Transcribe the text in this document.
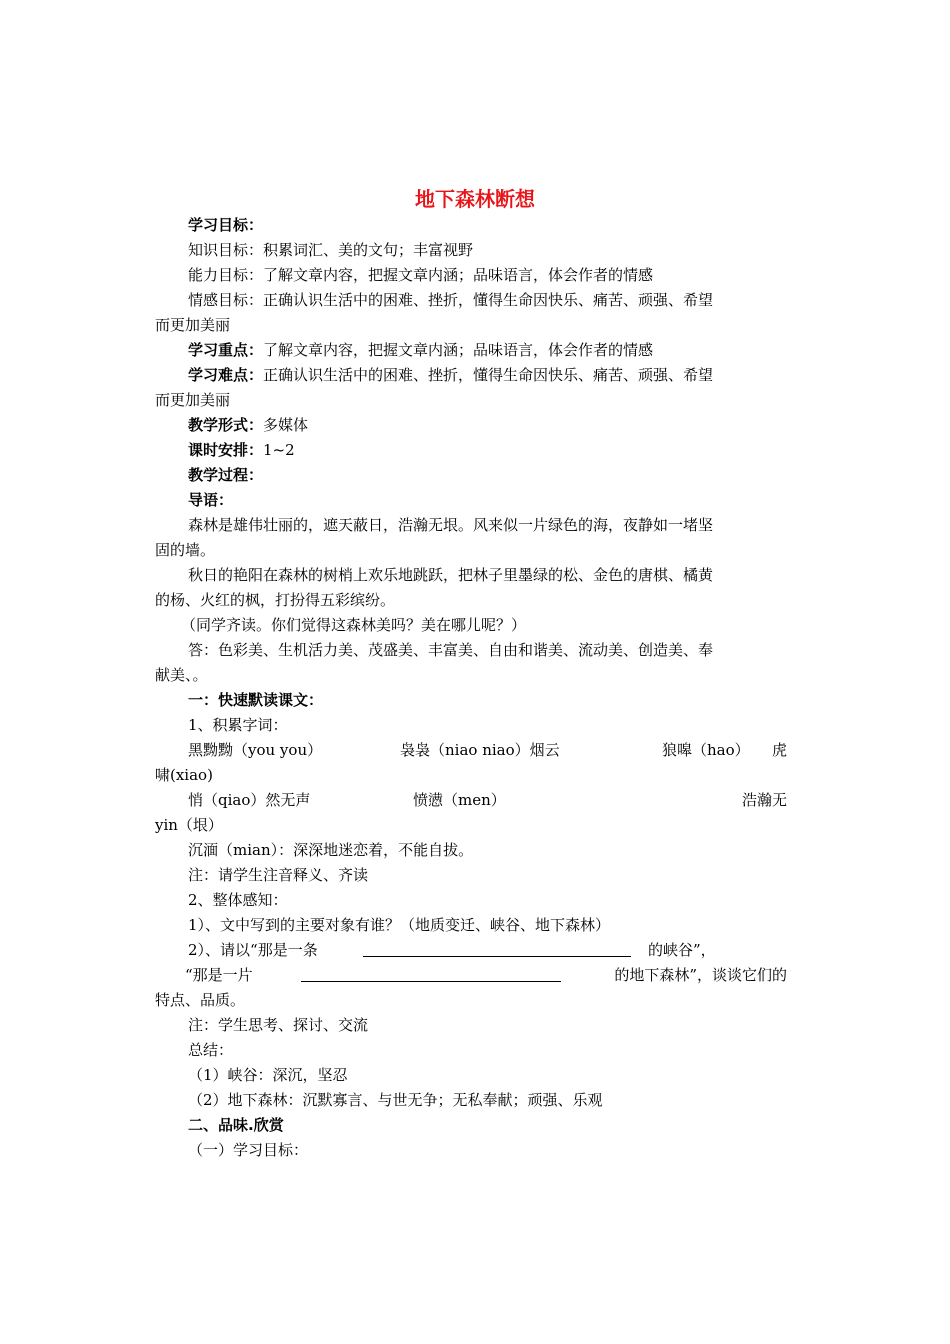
地下森林断想
学习目标：
知识目标：积累词汇、美的文句；丰富视野
能力目标：了解文章内容，把握文章内涵；品味语言，体会作者的情感
情感目标：正确认识生活中的困难、挫折，懂得生命因快乐、痛苦、顽强、希望
而更加美丽
学习重点：了解文章内容，把握文章内涵；品味语言，体会作者的情感
学习难点：正确认识生活中的困难、挫折，懂得生命因快乐、痛苦、顽强、希望
而更加美丽
教学形式：多媒体
课时安排：1~2
教学过程：
导语：
森林是雄伟壮丽的，遮天蔽日，浩瀚无垠。风来似一片绿色的海，夜静如一堵坚
固的墙。
秋日的艳阳在森林的树梢上欢乐地跳跃，把林子里墨绿的松、金色的唐棋、橘黄
的杨、火红的枫，打扮得五彩缤纷。
（同学齐读。你们觉得这森林美吗？美在哪儿呢？）
答：色彩美、生机活力美、茂盛美、丰富美、自由和谐美、流动美、创造美、奉
献美、。
一：快速默读课文：
1、积累字词：
黑黝黝（you you）	袅袅（niao niao）烟云	狼嗥（hao） 虎
啸(xiao)
悄（qiao）然无声	愤懑（men）	浩瀚无
yin（垠）
沉湎（mian）：深深地迷恋着，不能自拔。
注：请学生注音释义、齐读
2、整体感知：
1）、文中写到的主要对象有谁？（地质变迁、峡谷、地下森林）
2）、请以“那是一条	的峡谷”，
“那是一片	的地下森林”，谈谈它们的
特点、品质。
注：学生思考、探讨、交流
总结：
（1）峡谷：深沉，坚忍
（2）地下森林：沉默寡言、与世无争；无私奉献；顽强、乐观
二、品味.欣赏
（一）学习目标：
